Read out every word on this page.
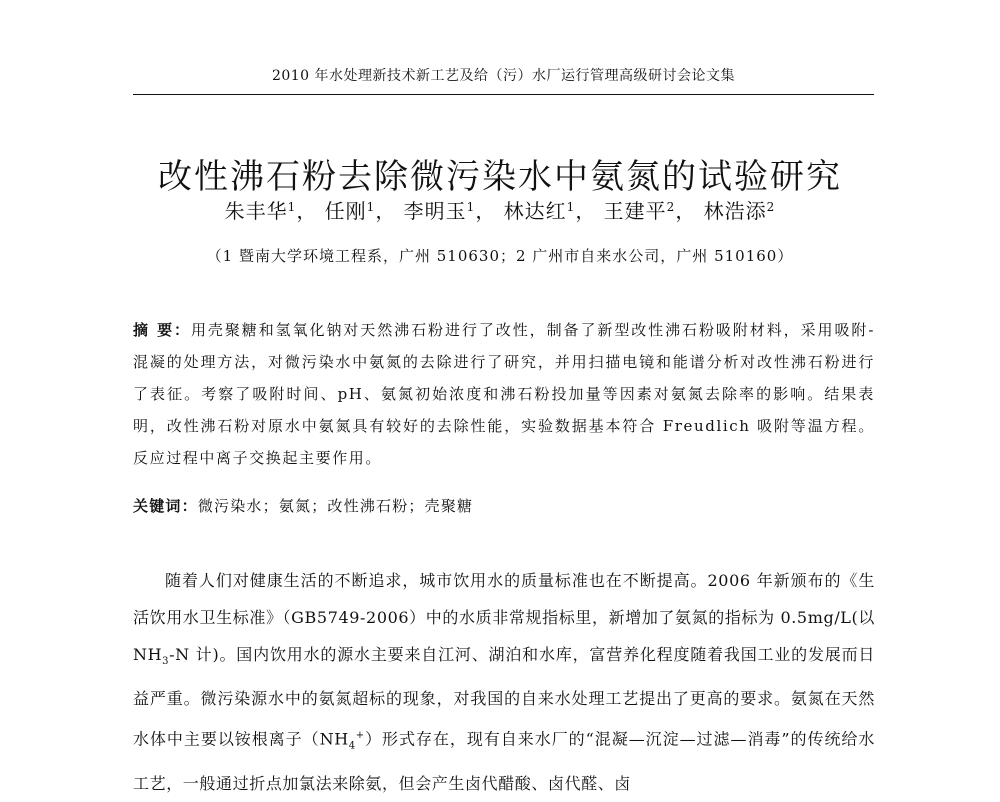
2010 年水处理新技术新工艺及给（污）水厂运行管理高级研讨会论文集
改性沸石粉去除微污染水中氨氮的试验研究
朱丰华$^1$， 任刚$^1$， 李明玉$^1$， 林达红$^1$， 王建平$^2$， 林浩添$^2$
（1 暨南大学环境工程系，广州 510630；2 广州市自来水公司，广州 510160）
摘 要：用壳聚糖和氢氧化钠对天然沸石粉进行了改性，制备了新型改性沸石粉吸附材料，采用吸附-混凝的处理方法，对微污染水中氨氮的去除进行了研究，并用扫描电镜和能谱分析对改性沸石粉进行了表征。考察了吸附时间、pH、氨氮初始浓度和沸石粉投加量等因素对氨氮去除率的影响。结果表明，改性沸石粉对原水中氨氮具有较好的去除性能，实验数据基本符合 Freudlich 吸附等温方程。反应过程中离子交换起主要作用。
关键词：微污染水；氨氮；改性沸石粉；壳聚糖
随着人们对健康生活的不断追求，城市饮用水的质量标准也在不断提高。2006 年新颁布的《生活饮用水卫生标准》（GB5749-2006）中的水质非常规指标里，新增加了氨氮的指标为 0.5mg/L(以 $NH_3-N$ 计)。国内饮用水的源水主要来自江河、湖泊和水库，富营养化程度随着我国工业的发展而日益严重。微污染源水中的氨氮超标的现象，对我国的自来水处理工艺提出了更高的要求。氨氮在天然水体中主要以铵根离子$(NH_4^+)$形式存在，现有自来水厂的“混凝—沉淀—过滤—消毒”的传统给水工艺，一般通过折点加氯法来除氨，但会产生卤代醋酸、卤代醛、卤
